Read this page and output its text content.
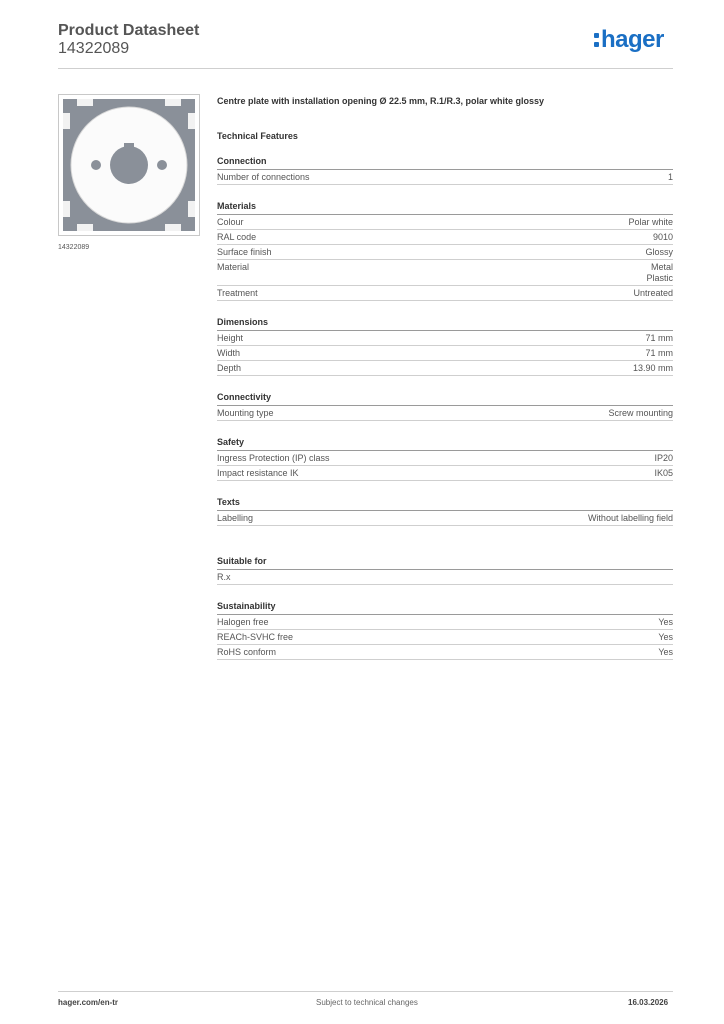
Product Datasheet
14322089	hager
14322089
Centre plate with installation opening Ø 22.5 mm, R.1/R.3, polar white glossy
Technical Features
Connection
Number of connections	1
Materials
Colour	Polar white
RAL code	9010
Surface finish	Glossy
Material	Metal
Plastic
Treatment	Untreated
Dimensions
Height	71 mm
Width	71 mm
Depth	13.90 mm
Connectivity
Mounting type	Screw mounting
Safety
Ingress Protection (IP) class	IP20
Impact resistance IK	IK05
Texts
Labelling	Without labelling field
Suitable for
R.x
Sustainability
Halogen free	Yes
REACh-SVHC free	Yes
RoHS conform	Yes
hager.com/en-tr	Subject to technical changes	16.03.2026
